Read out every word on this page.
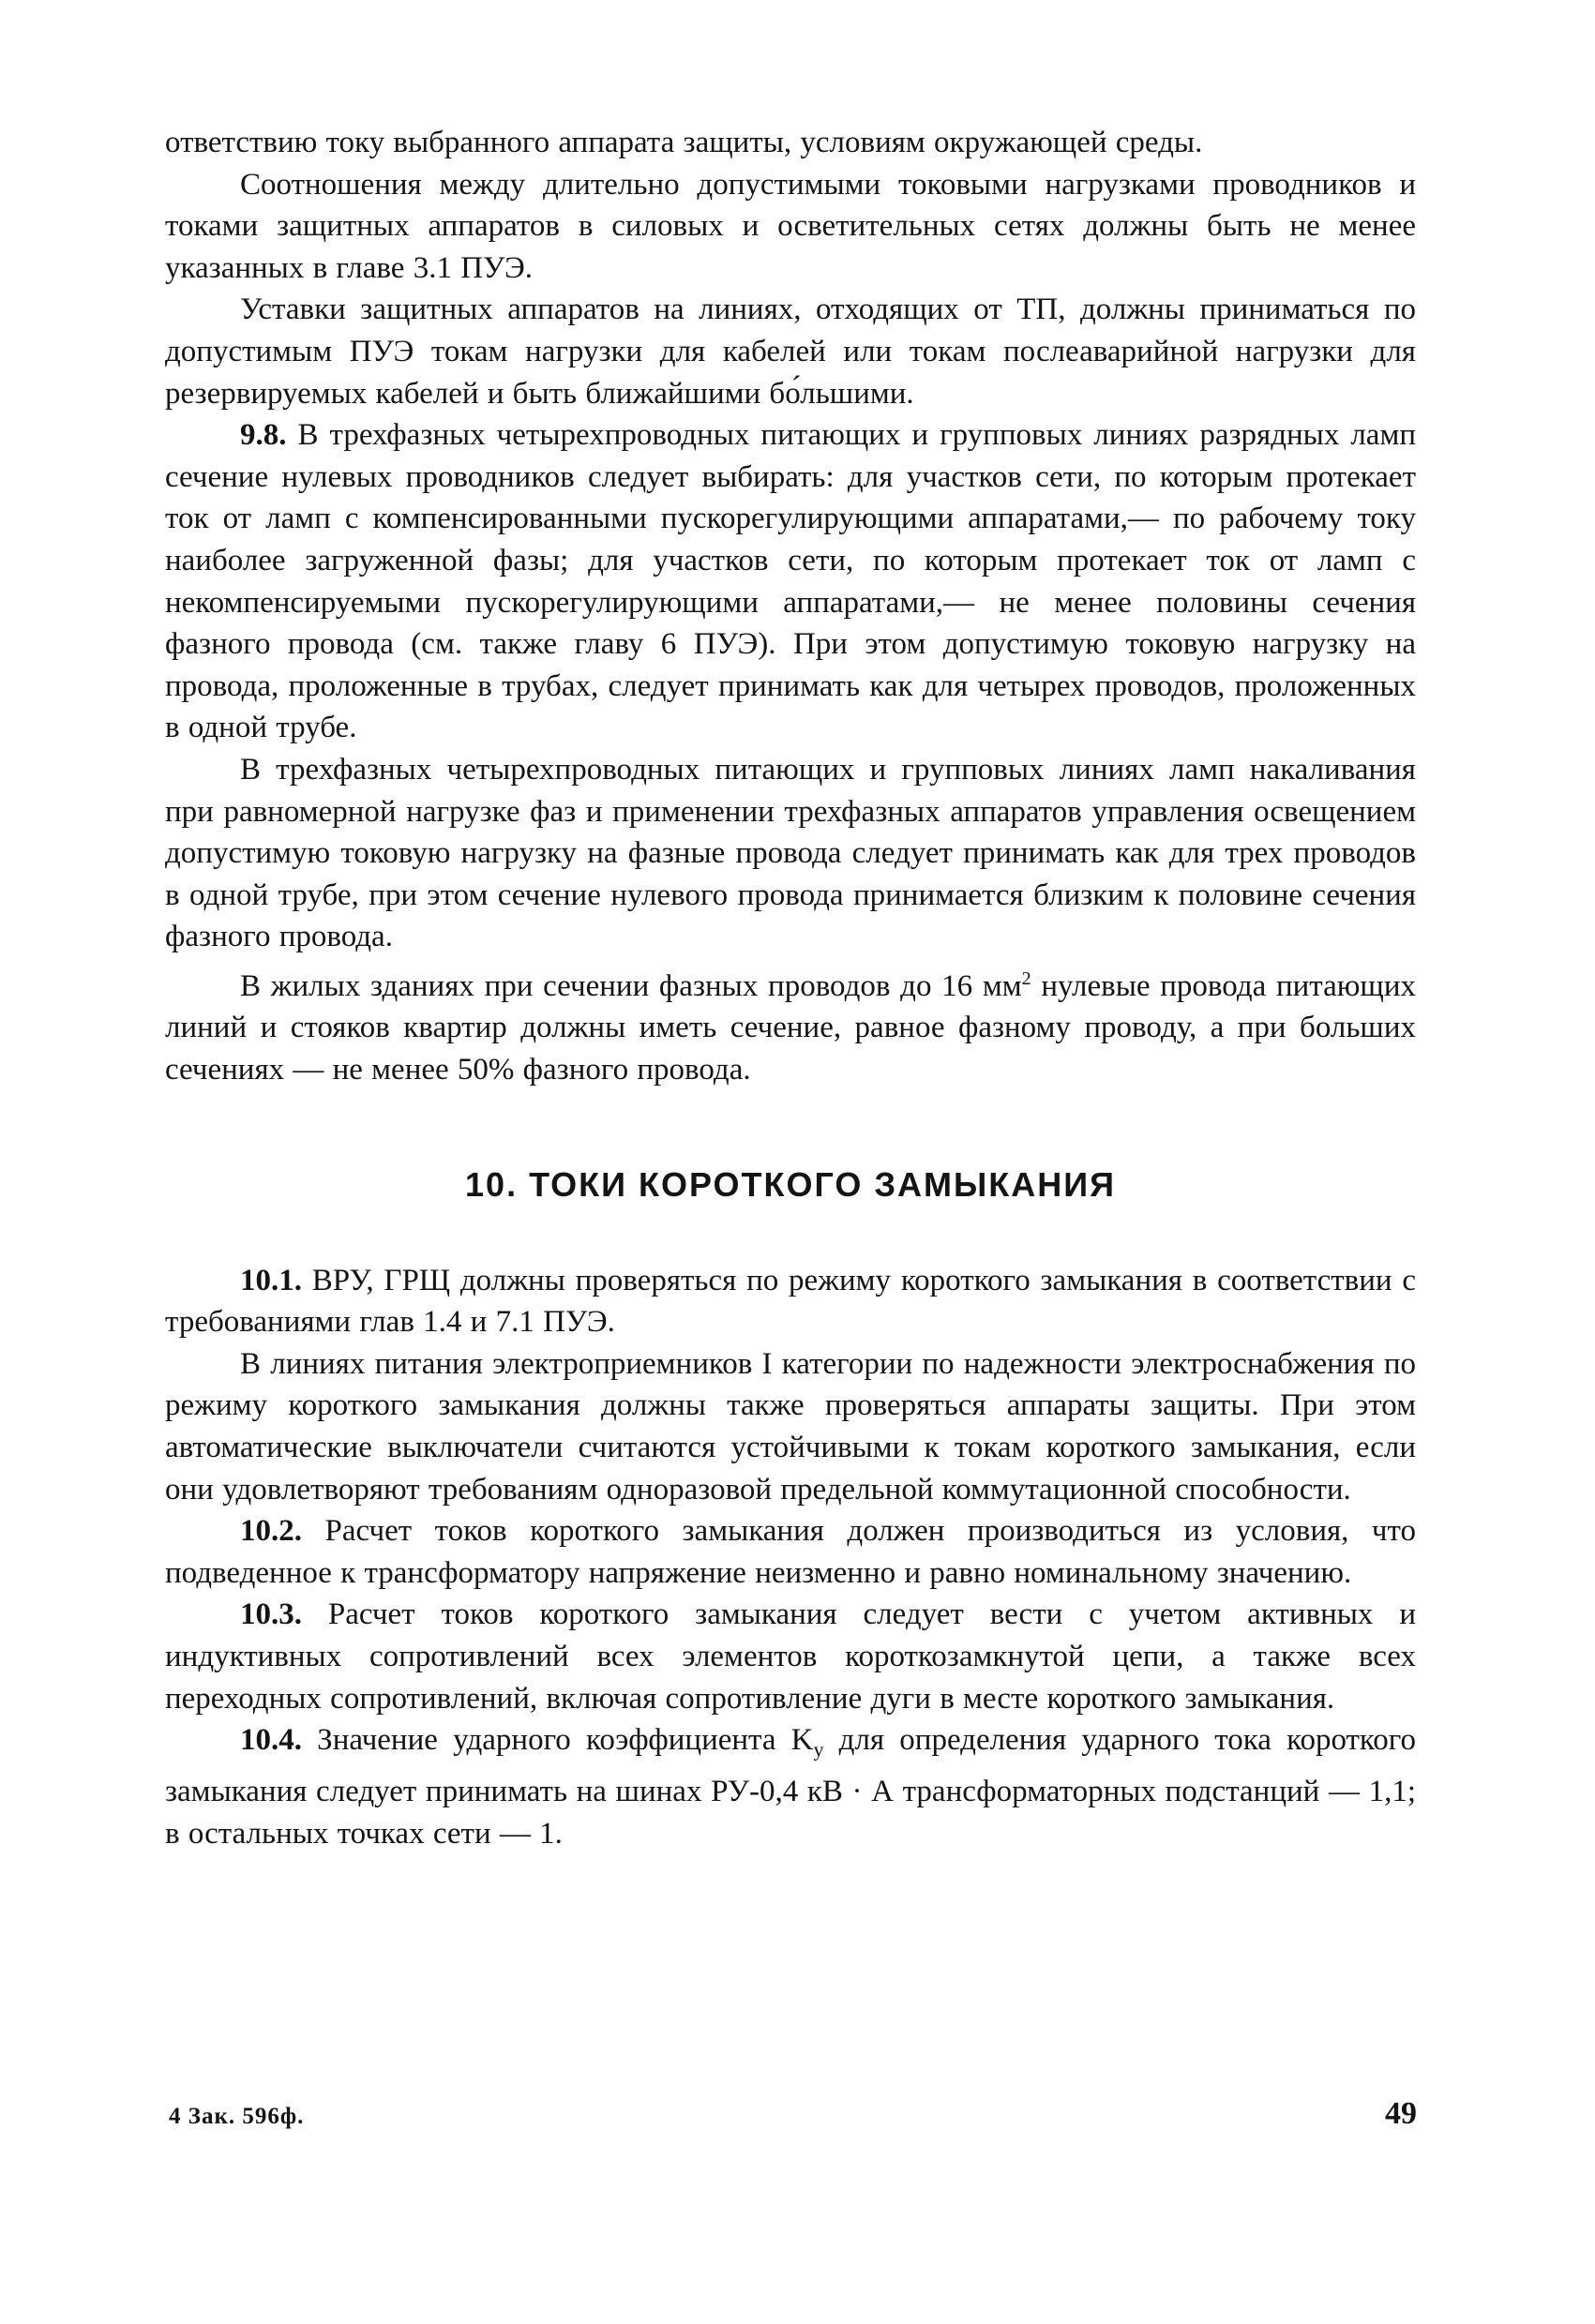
ответствию току выбранного аппарата защиты, условиям окружающей среды.

Соотношения между длительно допустимыми токовыми нагрузками проводников и токами защитных аппаратов в силовых и осветительных сетях должны быть не менее указанных в главе 3.1 ПУЭ.

Уставки защитных аппаратов на линиях, отходящих от ТП, должны приниматься по допустимым ПУЭ токам нагрузки для кабелей или токам послеаварийной нагрузки для резервируемых кабелей и быть ближайшими бо́льшими.

9.8. В трехфазных четырехпроводных питающих и групповых линиях разрядных ламп сечение нулевых проводников следует выбирать: для участков сети, по которым протекает ток от ламп с компенсированными пускорегулирующими аппаратами,— по рабочему току наиболее загруженной фазы; для участков сети, по которым протекает ток от ламп с некомпенсируемыми пускорегулирующими аппаратами,— не менее половины сечения фазного провода (см. также главу 6 ПУЭ). При этом допустимую токовую нагрузку на провода, проложенные в трубах, следует принимать как для четырех проводов, проложенных в одной трубе.

В трехфазных четырехпроводных питающих и групповых линиях ламп накаливания при равномерной нагрузке фаз и применении трехфазных аппаратов управления освещением допустимую токовую нагрузку на фазные провода следует принимать как для трех проводов в одной трубе, при этом сечение нулевого провода принимается близким к половине сечения фазного провода.

В жилых зданиях при сечении фазных проводов до 16 $мм^2$ нулевые провода питающих линий и стояков квартир должны иметь сечение, равное фазному проводу, а при больших сечениях — не менее 50% фазного провода.

10. ТОКИ КОРОТКОГО ЗАМЫКАНИЯ

10.1. ВРУ, ГРЩ должны проверяться по режиму короткого замыкания в соответствии с требованиями глав 1.4 и 7.1 ПУЭ.

В линиях питания электроприемников I категории по надежности электроснабжения по режиму короткого замыкания должны также проверяться аппараты защиты. При этом автоматические выключатели считаются устойчивыми к токам короткого замыкания, если они удовлетворяют требованиям одноразовой предельной коммутационной способности.

10.2. Расчет токов короткого замыкания должен производиться из условия, что подведенное к трансформатору напряжение неизменно и равно номинальному значению.

10.3. Расчет токов короткого замыкания следует вести с учетом активных и индуктивных сопротивлений всех элементов короткозамкнутой цепи, а также всех переходных сопротивлений, включая сопротивление дуги в месте короткого замыкания.

10.4. Значение ударного коэффициента $K_у$ для определения ударного тока короткого замыкания следует принимать на шинах РУ-0,4 кВ · А трансформаторных подстанций — 1,1; в остальных точках сети — 1.

4 Зак. 596ф.	49
